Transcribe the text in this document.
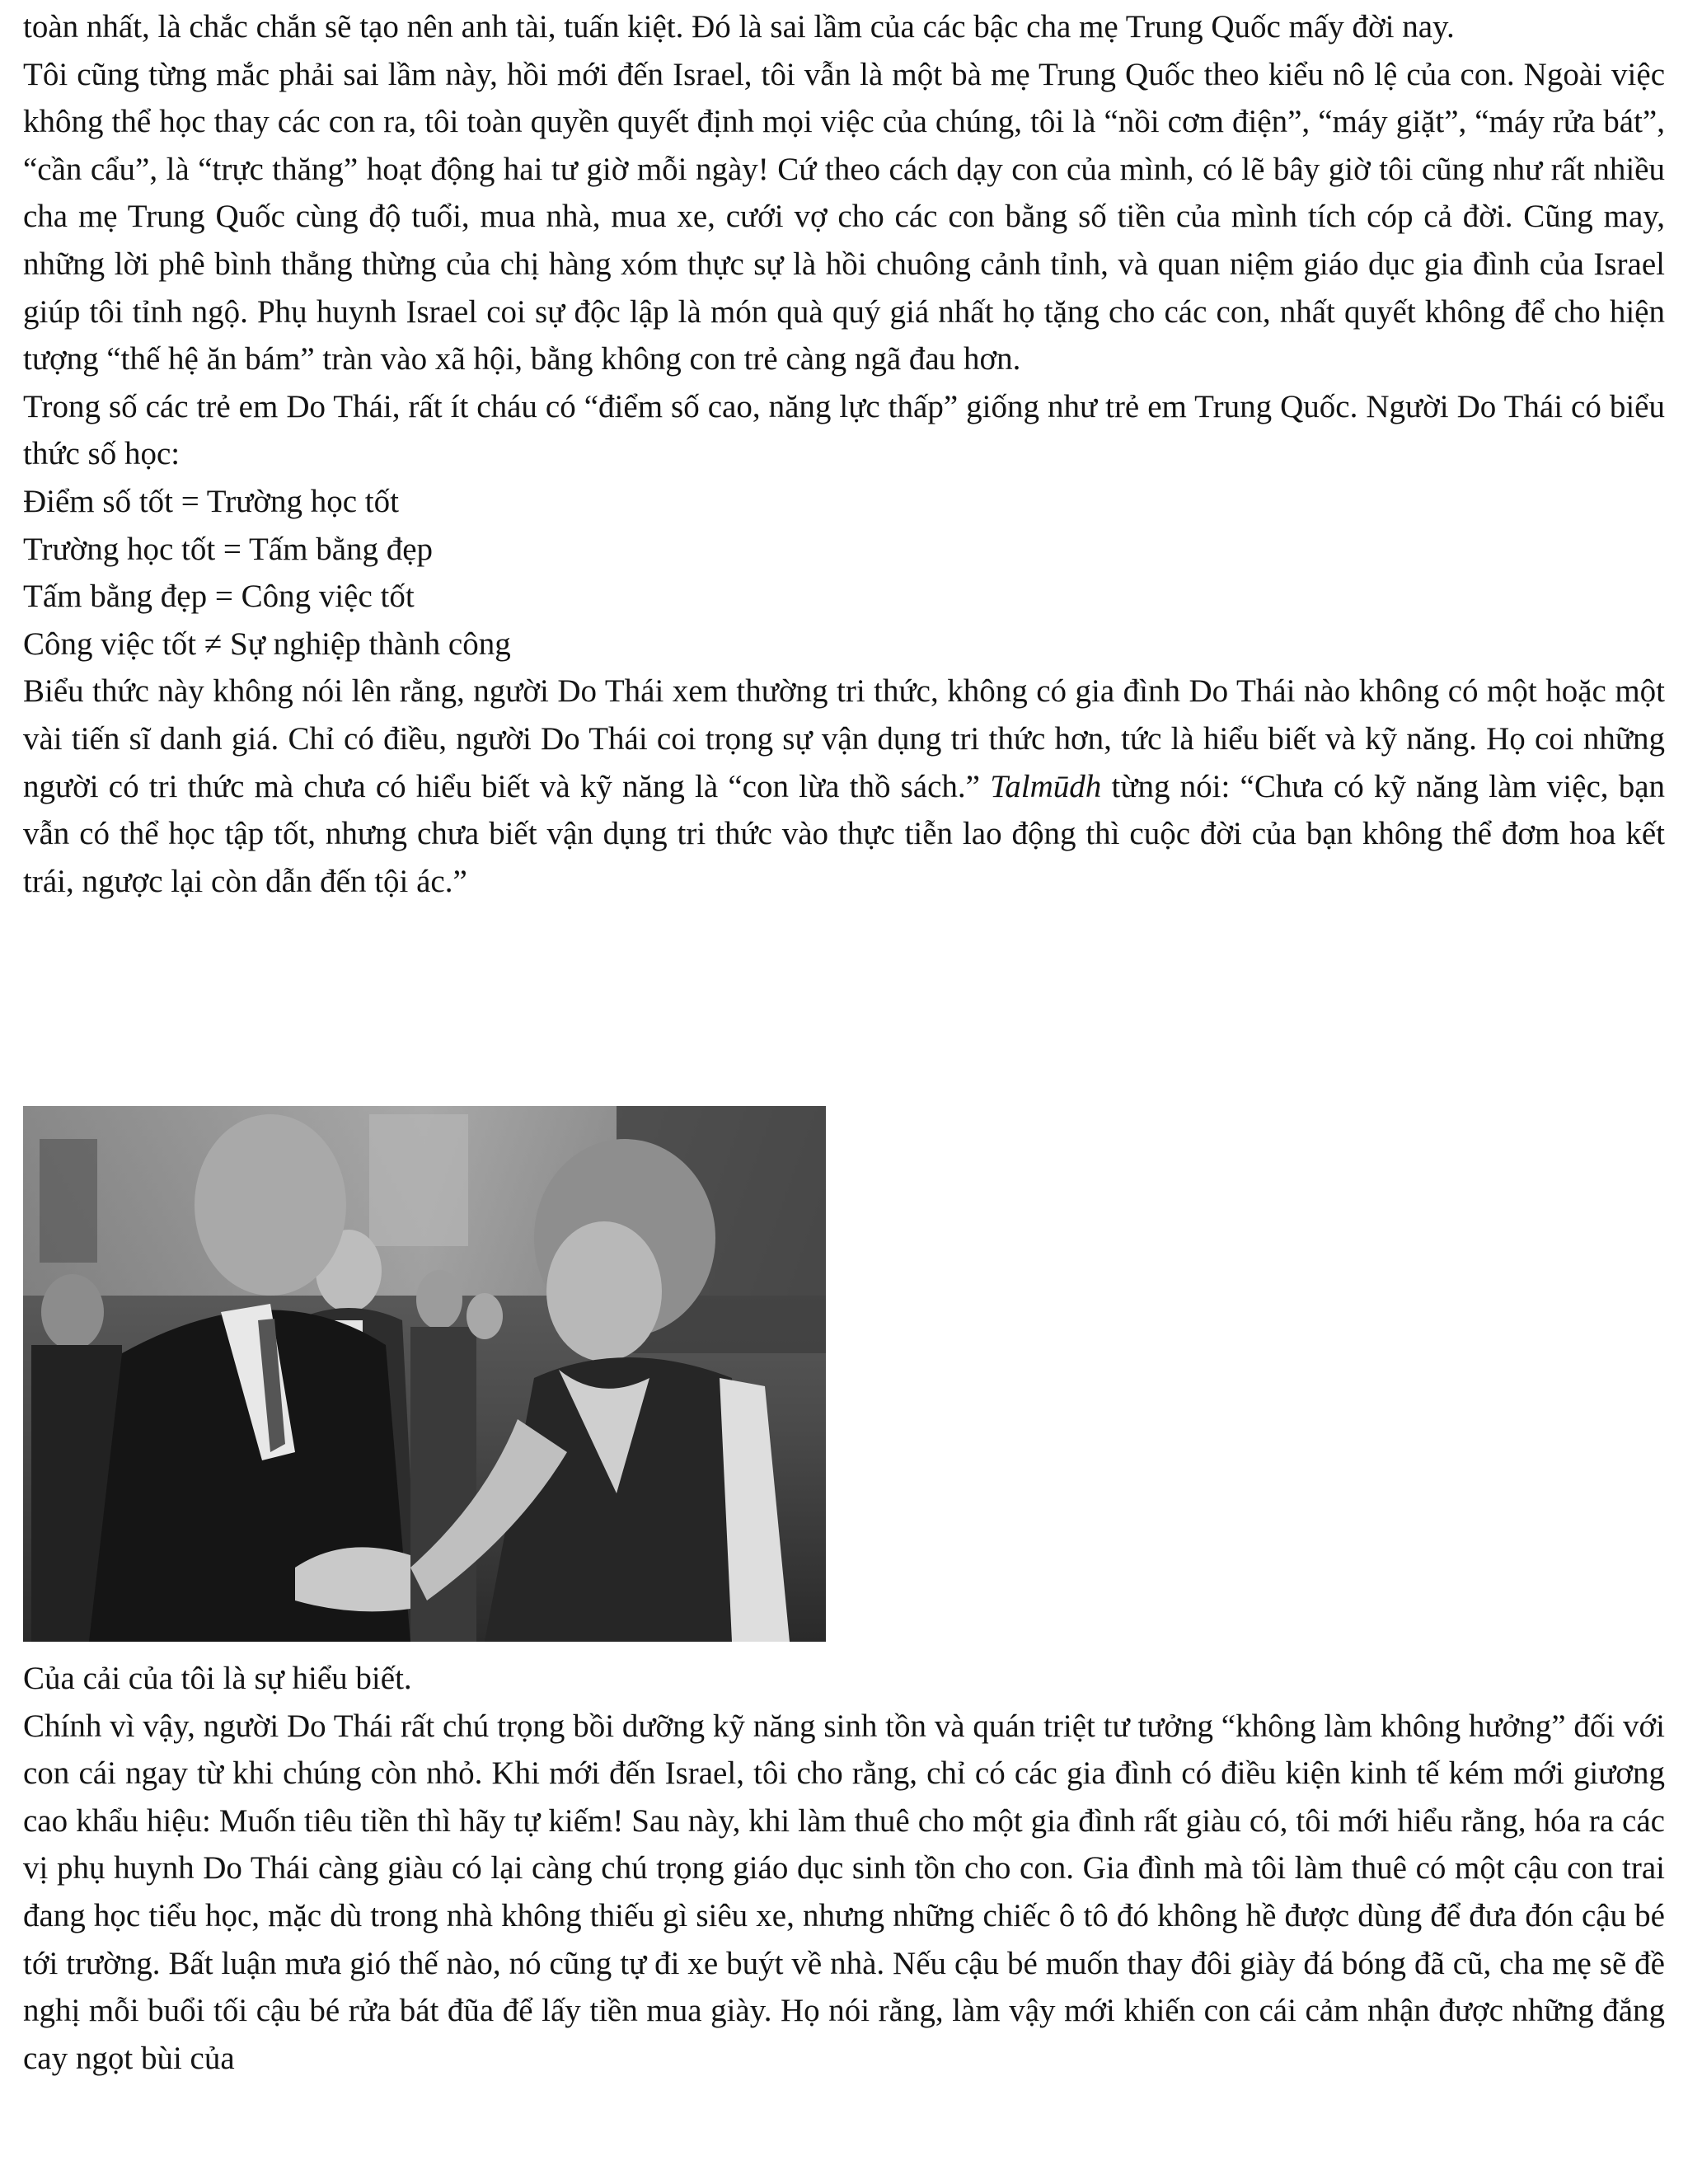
toàn nhất, là chắc chắn sẽ tạo nên anh tài, tuấn kiệt. Đó là sai lầm của các bậc cha mẹ Trung Quốc mấy đời nay.

Tôi cũng từng mắc phải sai lầm này, hồi mới đến Israel, tôi vẫn là một bà mẹ Trung Quốc theo kiểu nô lệ của con. Ngoài việc không thể học thay các con ra, tôi toàn quyền quyết định mọi việc của chúng, tôi là “nồi cơm điện”, “máy giặt”, “máy rửa bát”, “cần cẩu”, là “trực thăng” hoạt động hai tư giờ mỗi ngày! Cứ theo cách dạy con của mình, có lẽ bây giờ tôi cũng như rất nhiều cha mẹ Trung Quốc cùng độ tuổi, mua nhà, mua xe, cưới vợ cho các con bằng số tiền của mình tích cóp cả đời. Cũng may, những lời phê bình thẳng thừng của chị hàng xóm thực sự là hồi chuông cảnh tỉnh, và quan niệm giáo dục gia đình của Israel giúp tôi tỉnh ngộ. Phụ huynh Israel coi sự độc lập là món quà quý giá nhất họ tặng cho các con, nhất quyết không để cho hiện tượng “thế hệ ăn bám” tràn vào xã hội, bằng không con trẻ càng ngã đau hơn.

Trong số các trẻ em Do Thái, rất ít cháu có “điểm số cao, năng lực thấp” giống như trẻ em Trung Quốc. Người Do Thái có biểu thức số học:

Điểm số tốt = Trường học tốt

Trường học tốt = Tấm bằng đẹp

Tấm bằng đẹp = Công việc tốt

Công việc tốt ≠ Sự nghiệp thành công

Biểu thức này không nói lên rằng, người Do Thái xem thường tri thức, không có gia đình Do Thái nào không có một hoặc một vài tiến sĩ danh giá. Chỉ có điều, người Do Thái coi trọng sự vận dụng tri thức hơn, tức là hiểu biết và kỹ năng. Họ coi những người có tri thức mà chưa có hiểu biết và kỹ năng là “con lừa thồ sách.” Talmūdh từng nói: “Chưa có kỹ năng làm việc, bạn vẫn có thể học tập tốt, nhưng chưa biết vận dụng tri thức vào thực tiễn lao động thì cuộc đời của bạn không thể đơm hoa kết trái, ngược lại còn dẫn đến tội ác.”

Của cải của tôi là sự hiểu biết.

Chính vì vậy, người Do Thái rất chú trọng bồi dưỡng kỹ năng sinh tồn và quán triệt tư tưởng “không làm không hưởng” đối với con cái ngay từ khi chúng còn nhỏ. Khi mới đến Israel, tôi cho rằng, chỉ có các gia đình có điều kiện kinh tế kém mới giương cao khẩu hiệu: Muốn tiêu tiền thì hãy tự kiếm! Sau này, khi làm thuê cho một gia đình rất giàu có, tôi mới hiểu rằng, hóa ra các vị phụ huynh Do Thái càng giàu có lại càng chú trọng giáo dục sinh tồn cho con. Gia đình mà tôi làm thuê có một cậu con trai đang học tiểu học, mặc dù trong nhà không thiếu gì siêu xe, nhưng những chiếc ô tô đó không hề được dùng để đưa đón cậu bé tới trường. Bất luận mưa gió thế nào, nó cũng tự đi xe buýt về nhà. Nếu cậu bé muốn thay đôi giày đá bóng đã cũ, cha mẹ sẽ đề nghị mỗi buổi tối cậu bé rửa bát đũa để lấy tiền mua giày. Họ nói rằng, làm vậy mới khiến con cái cảm nhận được những đắng cay ngọt bùi của
